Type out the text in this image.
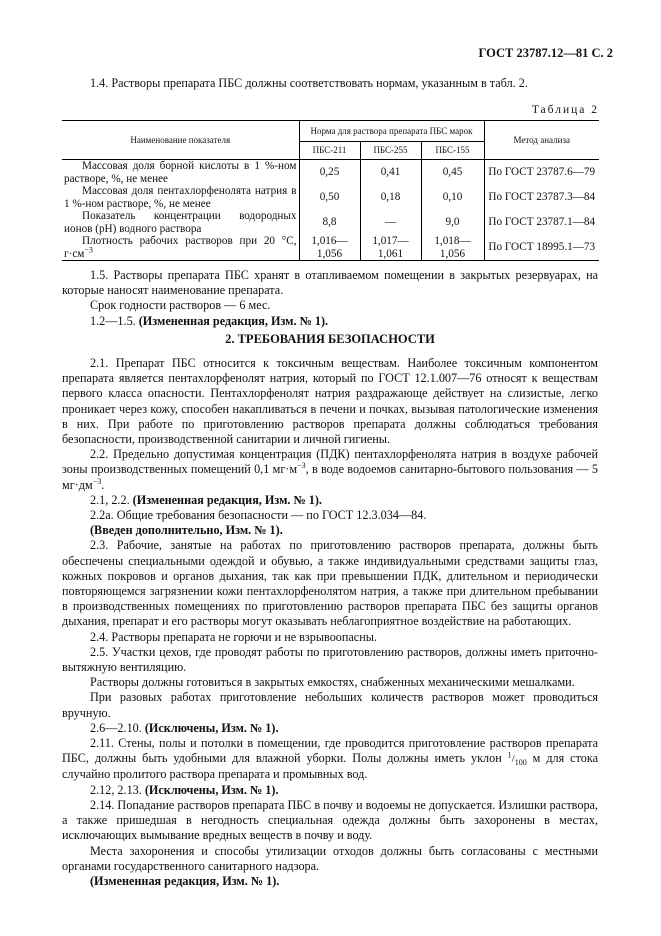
ГОСТ 23787.12—81 С. 2

1.4. Растворы препарата ПБС должны соответствовать нормам, указанным в табл. 2.

Таблица 2
Наименование показателя	Норма для раствора препарата ПБС марок			Метод анализа
	ПБС-211	ПБС-255	ПБС-155	
Массовая доля борной кислоты в 1 %-ном растворе, %, не менее	0,25	0,41	0,45	По ГОСТ 23787.6—79
Массовая доля пентахлорфенолята натрия в 1 %-ном растворе, %, не менее	0,50	0,18	0,10	По ГОСТ 23787.3—84
Показатель концентрации водородных ионов (pH) водного раствора	8,8	—	9,0	По ГОСТ 23787.1—84
Плотность рабочих растворов при 20 °С, $г\cdot см^{-3}$	1,016—1,056	1,017—1,061	1,018—1,056	По ГОСТ 18995.1—73

1.5. Растворы препарата ПБС хранят в отапливаемом помещении в закрытых резервуарах, на которые наносят наименование препарата.

Срок годности растворов — 6 мес.

1.2—1.5. (Измененная редакция, Изм. № 1).

2. ТРЕБОВАНИЯ БЕЗОПАСНОСТИ

2.1. Препарат ПБС относится к токсичным веществам. Наиболее токсичным компонентом препарата является пентахлорфенолят натрия, который по ГОСТ 12.1.007—76 относят к веществам первого класса опасности. Пентахлорфенолят натрия раздражающе действует на слизистые, легко проникает через кожу, способен накапливаться в печени и почках, вызывая патологические изменения в них. При работе по приготовлению растворов препарата должны соблюдаться требования безопасности, производственной санитарии и личной гигиены.

2.2. Предельно допустимая концентрация (ПДК) пентахлорфенолята натрия в воздухе рабочей зоны производственных помещений 0,1 $мг\cdot м^{-3}$, в воде водоемов санитарно-бытового пользования — 5 $мг\cdot дм^{-3}$.

2.1, 2.2. (Измененная редакция, Изм. № 1).

2.2а. Общие требования безопасности — по ГОСТ 12.3.034—84.

(Введен дополнительно, Изм. № 1).

2.3. Рабочие, занятые на работах по приготовлению растворов препарата, должны быть обеспечены специальными одеждой и обувью, а также индивидуальными средствами защиты глаз, кожных покровов и органов дыхания, так как при превышении ПДК, длительном и периодически повторяющемся загрязнении кожи пентахлорфенолятом натрия, а также при длительном пребывании в производственных помещениях по приготовлению растворов препарата ПБС без защиты органов дыхания, препарат и его растворы могут оказывать неблагоприятное воздействие на работающих.

2.4. Растворы препарата не горючи и не взрывоопасны.

2.5. Участки цехов, где проводят работы по приготовлению растворов, должны иметь приточно-вытяжную вентиляцию.

Растворы должны готовиться в закрытых емкостях, снабженных механическими мешалками.

При разовых работах приготовление небольших количеств растворов может проводиться вручную.

2.6—2.10. (Исключены, Изм. № 1).

2.11. Стены, полы и потолки в помещении, где проводится приготовление растворов препарата ПБС, должны быть удобными для влажной уборки. Полы должны иметь уклон $^1/_{100}$ м для стока случайно пролитого раствора препарата и промывных вод.

2.12, 2.13. (Исключены, Изм. № 1).

2.14. Попадание растворов препарата ПБС в почву и водоемы не допускается. Излишки раствора, а также пришедшая в негодность специальная одежда должны быть захоронены в местах, исключающих вымывание вредных веществ в почву и воду.

Места захоронения и способы утилизации отходов должны быть согласованы с местными органами государственного санитарного надзора.

(Измененная редакция, Изм. № 1).
